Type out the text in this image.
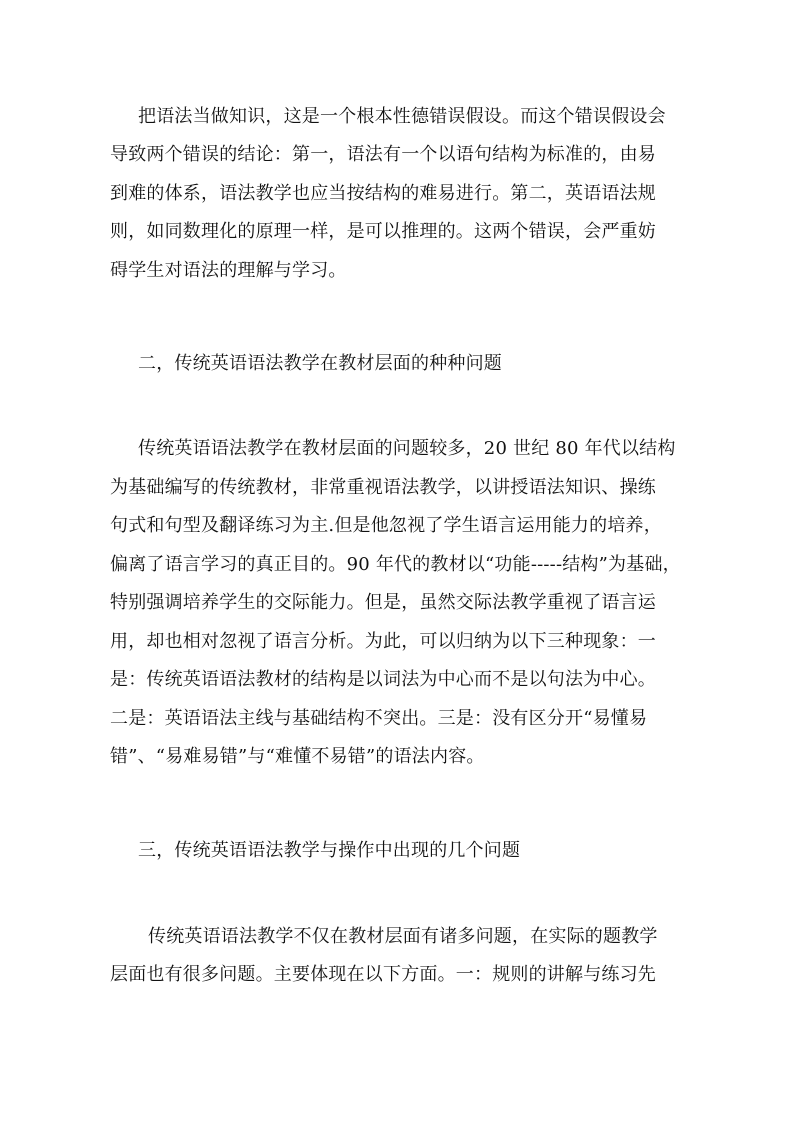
把语法当做知识，这是一个根本性德错误假设。而这个错误假设会
导致两个错误的结论：第一，语法有一个以语句结构为标准的，由易
到难的体系，语法教学也应当按结构的难易进行。第二，英语语法规
则，如同数理化的原理一样，是可以推理的。这两个错误，会严重妨
碍学生对语法的理解与学习。
二，传统英语语法教学在教材层面的种种问题
传统英语语法教学在教材层面的问题较多，20 世纪 80 年代以结构
为基础编写的传统教材，非常重视语法教学，以讲授语法知识、操练
句式和句型及翻译练习为主.但是他忽视了学生语言运用能力的培养，
偏离了语言学习的真正目的。90 年代的教材以“功能-----结构”为基础，
特别强调培养学生的交际能力。但是，虽然交际法教学重视了语言运
用，却也相对忽视了语言分析。为此，可以归纳为以下三种现象：一
是：传统英语语法教材的结构是以词法为中心而不是以句法为中心。
二是：英语语法主线与基础结构不突出。三是：没有区分开“易懂易
错”、“易难易错”与“难懂不易错”的语法内容。
三，传统英语语法教学与操作中出现的几个问题
传统英语语法教学不仅在教材层面有诸多问题，在实际的题教学
层面也有很多问题。主要体现在以下方面。一：规则的讲解与练习先
